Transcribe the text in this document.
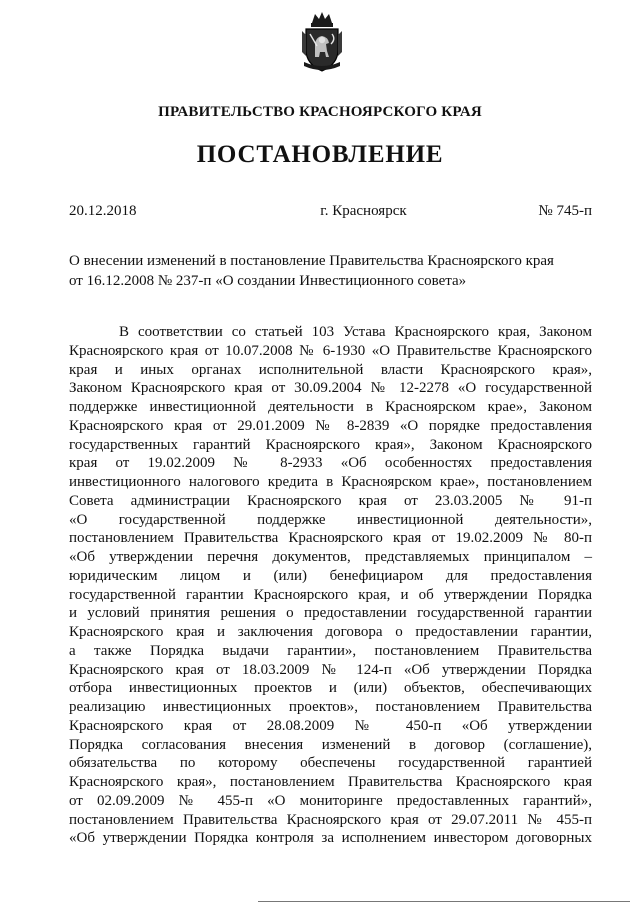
ПРАВИТЕЛЬСТВО КРАСНОЯРСКОГО КРАЯ
ПОСТАНОВЛЕНИЕ
20.12.2018	г. Красноярск	№ 745-п
О внесении изменений в постановление Правительства Красноярского края
от 16.12.2008 № 237-п «О создании Инвестиционного совета»
В соответствии со статьей 103 Устава Красноярского края, Законом
Красноярского края от 10.07.2008 № 6-1930 «О Правительстве Красноярского
края и иных органах исполнительной власти Красноярского края»,
Законом Красноярского края от 30.09.2004 № 12-2278 «О государственной
поддержке инвестиционной деятельности в Красноярском крае», Законом
Красноярского края от 29.01.2009 № 8-2839 «О порядке предоставления
государственных гарантий Красноярского края», Законом Красноярского
края от 19.02.2009 № 8-2933 «Об особенностях предоставления
инвестиционного налогового кредита в Красноярском крае», постановлением
Совета администрации Красноярского края от 23.03.2005 № 91-п
«О государственной поддержке инвестиционной деятельности»,
постановлением Правительства Красноярского края от 19.02.2009 № 80-п
«Об утверждении перечня документов, представляемых принципалом –
юридическим лицом и (или) бенефициаром для предоставления
государственной гарантии Красноярского края, и об утверждении Порядка
и условий принятия решения о предоставлении государственной гарантии
Красноярского края и заключения договора о предоставлении гарантии,
а также Порядка выдачи гарантии», постановлением Правительства
Красноярского края от 18.03.2009 № 124-п «Об утверждении Порядка
отбора инвестиционных проектов и (или) объектов, обеспечивающих
реализацию инвестиционных проектов», постановлением Правительства
Красноярского края от 28.08.2009 № 450-п «Об утверждении
Порядка согласования внесения изменений в договор (соглашение),
обязательства по которому обеспечены государственной гарантией
Красноярского края», постановлением Правительства Красноярского края
от 02.09.2009 № 455-п «О мониторинге предоставленных гарантий»,
постановлением Правительства Красноярского края от 29.07.2011 № 455-п
«Об утверждении Порядка контроля за исполнением инвестором договорных
